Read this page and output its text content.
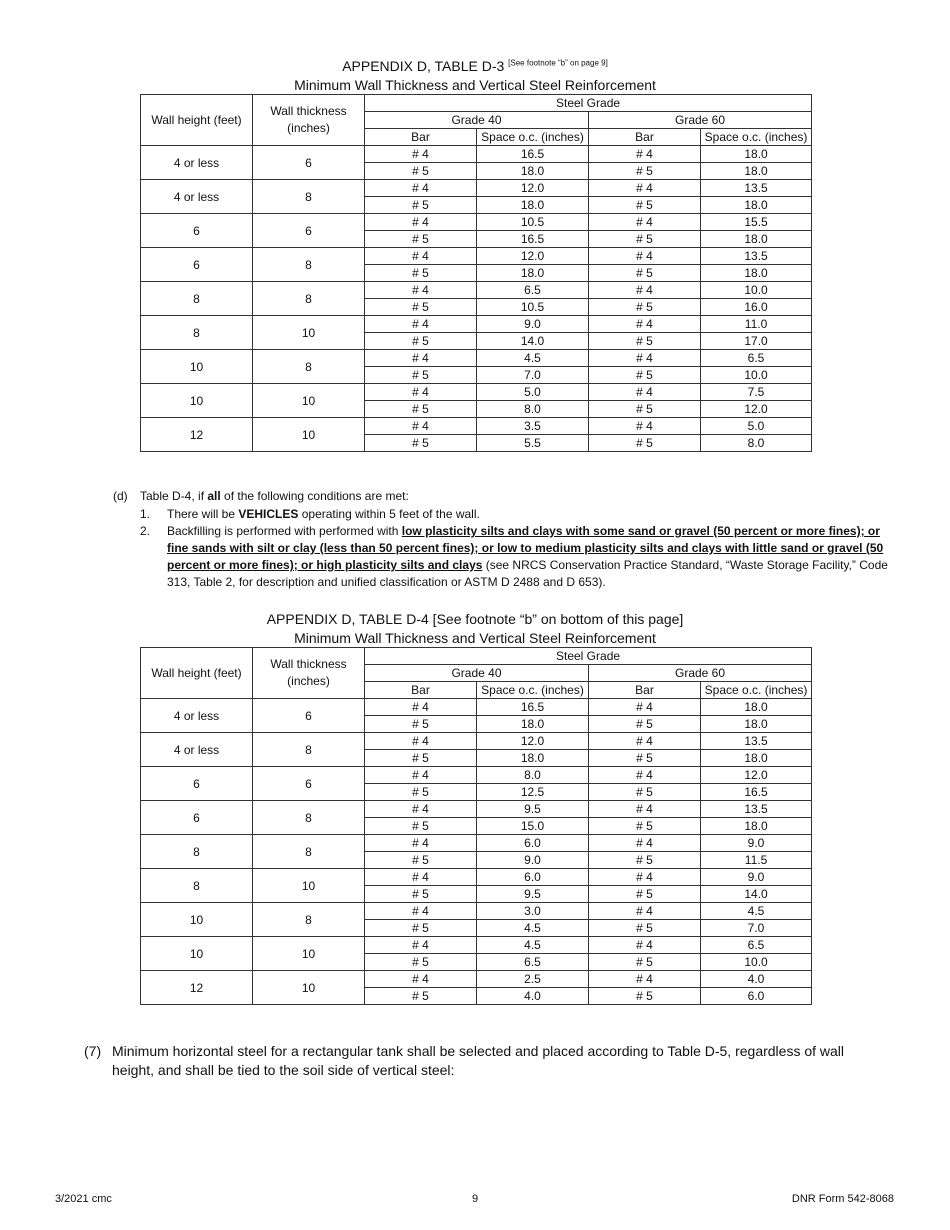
APPENDIX D, TABLE D-3 [See footnote “b” on page 9]
Minimum Wall Thickness and Vertical Steel Reinforcement
Wall height (feet)	Wall thickness (inches)	Steel Grade			
		Grade 40		Grade 60	
		Bar	Space o.c. (inches)	Bar	Space o.c. (inches)
4 or less	6	# 4	16.5	# 4	18.0
		# 5	18.0	# 5	18.0
4 or less	8	# 4	12.0	# 4	13.5
		# 5	18.0	# 5	18.0
6	6	# 4	10.5	# 4	15.5
		# 5	16.5	# 5	18.0
6	8	# 4	12.0	# 4	13.5
		# 5	18.0	# 5	18.0
8	8	# 4	6.5	# 4	10.0
		# 5	10.5	# 5	16.0
8	10	# 4	9.0	# 4	11.0
		# 5	14.0	# 5	17.0
10	8	# 4	4.5	# 4	6.5
		# 5	7.0	# 5	10.0
10	10	# 4	5.0	# 4	7.5
		# 5	8.0	# 5	12.0
12	10	# 4	3.5	# 4	5.0
		# 5	5.5	# 5	8.0
(d) Table D-4, if all of the following conditions are met:
1. There will be VEHICLES operating within 5 feet of the wall.
2. Backfilling is performed with performed with low plasticity silts and clays with some sand or gravel (50 percent or more fines); or fine sands with silt or clay (less than 50 percent fines); or low to medium plasticity silts and clays with little sand or gravel (50 percent or more fines); or high plasticity silts and clays (see NRCS Conservation Practice Standard, “Waste Storage Facility,” Code 313, Table 2, for description and unified classification or ASTM D 2488 and D 653).
APPENDIX D, TABLE D-4 [See footnote “b” on bottom of this page]
Minimum Wall Thickness and Vertical Steel Reinforcement
Wall height (feet)	Wall thickness (inches)	Steel Grade			
		Grade 40		Grade 60	
		Bar	Space o.c. (inches)	Bar	Space o.c. (inches)
4 or less	6	# 4	16.5	# 4	18.0
		# 5	18.0	# 5	18.0
4 or less	8	# 4	12.0	# 4	13.5
		# 5	18.0	# 5	18.0
6	6	# 4	8.0	# 4	12.0
		# 5	12.5	# 5	16.5
6	8	# 4	9.5	# 4	13.5
		# 5	15.0	# 5	18.0
8	8	# 4	6.0	# 4	9.0
		# 5	9.0	# 5	11.5
8	10	# 4	6.0	# 4	9.0
		# 5	9.5	# 5	14.0
10	8	# 4	3.0	# 4	4.5
		# 5	4.5	# 5	7.0
10	10	# 4	4.5	# 4	6.5
		# 5	6.5	# 5	10.0
12	10	# 4	2.5	# 4	4.0
		# 5	4.0	# 5	6.0
(7) Minimum horizontal steel for a rectangular tank shall be selected and placed according to Table D-5, regardless of wall height, and shall be tied to the soil side of vertical steel:
3/2021 cmc	9	DNR Form 542-8068
